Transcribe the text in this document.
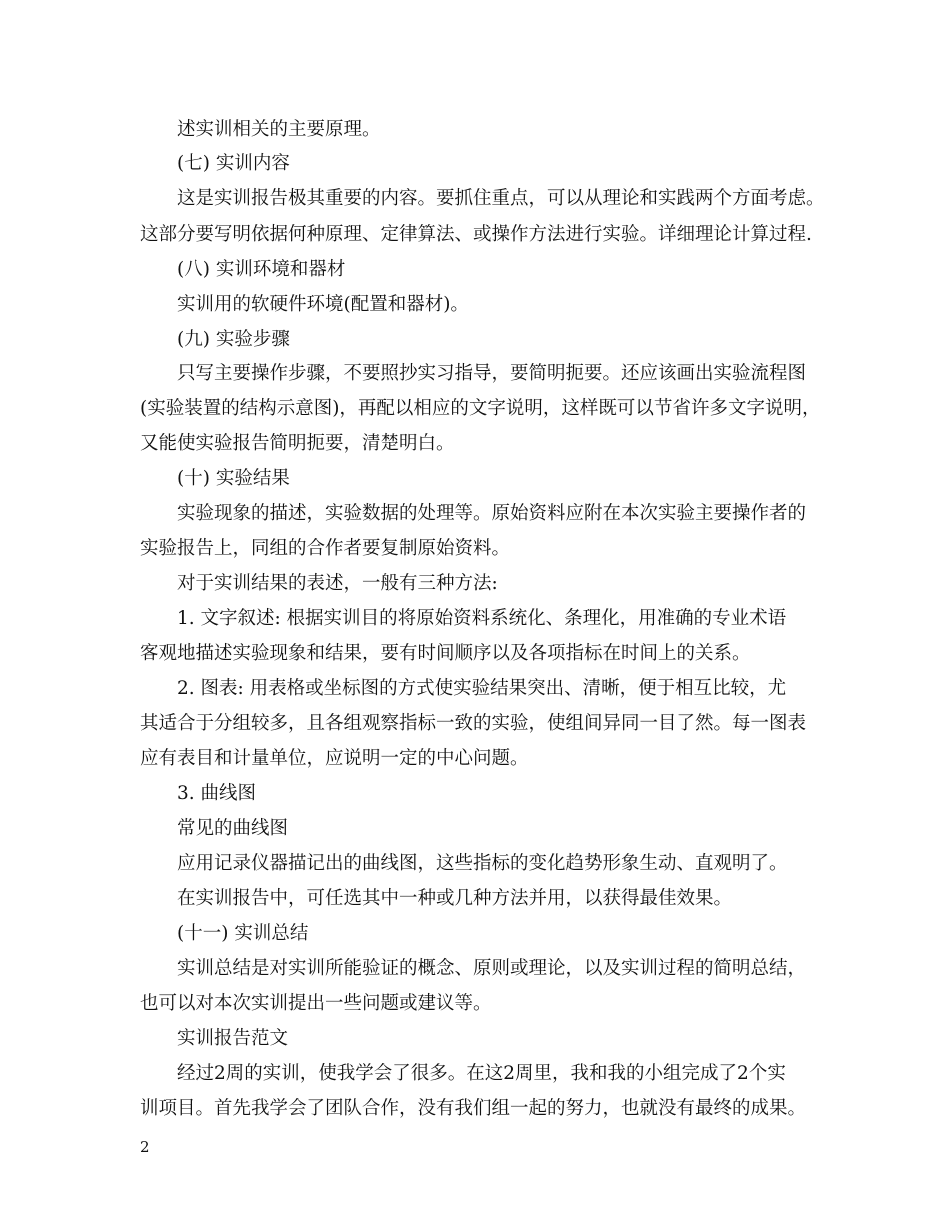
述实训相关的主要原理。
(七) 实训内容
这是实训报告极其重要的内容。要抓住重点，可以从理论和实践两个方面考虑。
这部分要写明依据何种原理、定律算法、或操作方法进行实验。详细理论计算过程.
(八) 实训环境和器材
实训用的软硬件环境(配置和器材)。
(九) 实验步骤
只写主要操作步骤，不要照抄实习指导，要简明扼要。还应该画出实验流程图
(实验装置的结构示意图)，再配以相应的文字说明，这样既可以节省许多文字说明，
又能使实验报告简明扼要，清楚明白。
(十) 实验结果
实验现象的描述，实验数据的处理等。原始资料应附在本次实验主要操作者的
实验报告上，同组的合作者要复制原始资料。
对于实训结果的表述，一般有三种方法:
1. 文字叙述: 根据实训目的将原始资料系统化、条理化，用准确的专业术语
客观地描述实验现象和结果，要有时间顺序以及各项指标在时间上的关系。
2. 图表: 用表格或坐标图的方式使实验结果突出、清晰，便于相互比较，尤
其适合于分组较多，且各组观察指标一致的实验，使组间异同一目了然。每一图表
应有表目和计量单位，应说明一定的中心问题。
3. 曲线图
常见的曲线图
应用记录仪器描记出的曲线图，这些指标的变化趋势形象生动、直观明了。
在实训报告中，可任选其中一种或几种方法并用，以获得最佳效果。
(十一) 实训总结
实训总结是对实训所能验证的概念、原则或理论，以及实训过程的简明总结，
也可以对本次实训提出一些问题或建议等。
实训报告范文
经过2周的实训，使我学会了很多。在这2周里，我和我的小组完成了2个实
训项目。首先我学会了团队合作，没有我们组一起的努力，也就没有最终的成果。
2
